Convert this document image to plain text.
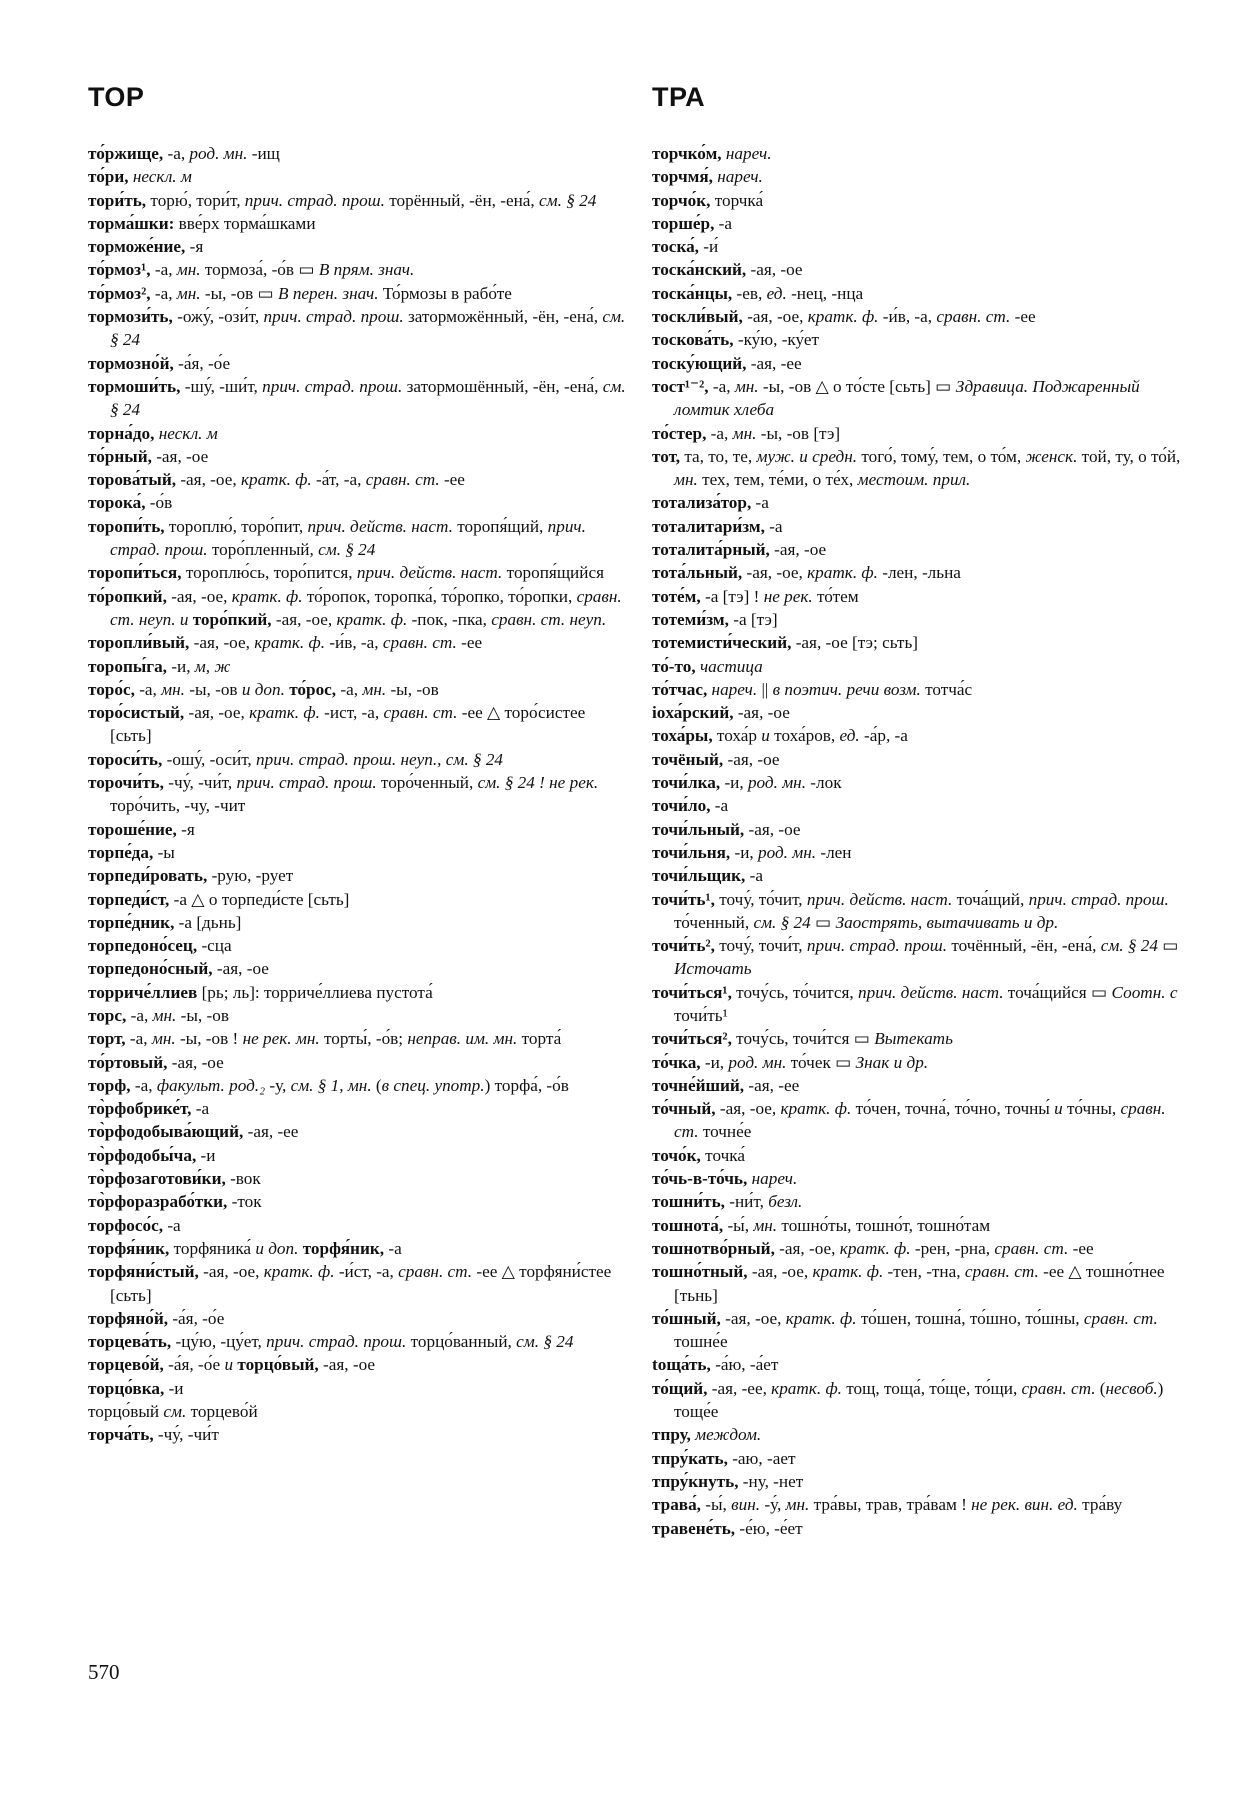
ТОР	ТРА
то́ржище, -а, род. мн. -ищ
то́ри, нескл. м
тори́ть, торю́, тори́т, прич. страд. прош. торённый, -ён, -ена́, см. § 24
торма́шки: вве́рх торма́шками
торможе́ние, -я
то́рмоз¹, -а, мн. тормоза́, -о́в ▭ В прям. знач.
то́рмоз², -а, мн. -ы, -ов ▭ В перен. знач. То́рмозы в рабо́те
тормози́ть, -ожу́, -ози́т, прич. страд. прош. заторможённый, -ён, -ена́, см. § 24
тормозно́й, -а́я, -о́е
тормоши́ть, -шу́, -ши́т, прич. страд. прош. затормошённый, -ён, -ена́, см. § 24
торна́до, нескл. м
то́рный, -ая, -ое
торова́тый, -ая, -ое, кратк. ф. -а́т, -а, сравн. ст. -ее
торока́, -о́в
торопи́ть, тороплю́, торо́пит, прич. действ. наст. торопя́щий, прич. страд. прош. торо́пленный, см. § 24
торопи́ться, тороплю́сь, торо́пится, прич. действ. наст. торопя́щийся
то́ропкий, -ая, -ое, кратк. ф. то́ропок, торопка́, то́ропко, то́ропки, сравн. ст. неуп. и торо́пкий, -ая, -ое, кратк. ф. -пок, -пка, сравн. ст. неуп.
торопли́вый, -ая, -ое, кратк. ф. -и́в, -а, сравн. ст. -ее
торопы́га, -и, м, ж
торо́с, -а, мн. -ы, -ов и доп. то́рос, -а, мн. -ы, -ов
торо́систый, -ая, -ое, кратк. ф. -ист, -а, сравн. ст. -ее △ торо́систее [сьть]
тороси́ть, -ошу́, -оси́т, прич. страд. прош. неуп., см. § 24
торочи́ть, -чу́, -чи́т, прич. страд. прош. торо́ченный, см. § 24 ! не рек. торо́чить, -чу, -чит
тороше́ние, -я
торпе́да, -ы
торпеди́ровать, -рую, -рует
торпеди́ст, -а △ о торпеди́сте [сьть]
торпе́дник, -а [дьнь]
торпедоно́сец, -сца
торпедоно́сный, -ая, -ое
торриче́ллиев [рь; ль]: торриче́ллиева пустота́
торс, -а, мн. -ы, -ов
торт, -а, мн. -ы, -ов ! не рек. мн. торты́, -о́в; неправ. им. мн. торта́
то́ртовый, -ая, -ое
торф, -а, факульт. род.₂ -у, см. § 1, мн. (в спец. употр.) торфа́, -о́в
то̀рфобрике́т, -а
то̀рфодобыва́ющий, -ая, -ее
то̀рфодобы́ча, -и
то̀рфозаготови́ки, -вок
то̀рфоразрабо́тки, -ток
торфосо́с, -а
торфя́ник, торфяника́ и доп. торфя́ник, -а
торфяни́стый, -ая, -ое, кратк. ф. -и́ст, -а, сравн. ст. -ее △ торфяни́стее [сьть]
торфяно́й, -а́я, -о́е
торцева́ть, -цу́ю, -цу́ет, прич. страд. прош. торцо́ванный, см. § 24
торцево́й, -а́я, -о́е и торцо́вый, -ая, -ое
торцо́вка, -и
торцо́вый см. торцево́й
торча́ть, -чу́, -чи́т
торчко́м, нареч.
торчмя́, нареч.
торчо́к, торчка́
торше́р, -а
тоска́, -и́
тоска́нский, -ая, -ое
тоска́нцы, -ев, ед. -нец, -нца
тоскли́вый, -ая, -ое, кратк. ф. -и́в, -а, сравн. ст. -ее
тоскова́ть, -ку́ю, -ку́ет
тоску́ющий, -ая, -ее
тост¹⁻², -а, мн. -ы, -ов △ о то́сте [сьть] ▭ Здравица. Поджаренный ломтик хлеба
то́стер, -а, мн. -ы, -ов [тэ]
тот, та, то, те, муж. и средн. того́, тому́, тем, о то́м, женск. той, ту, о то́й, мн. тех, тем, те́ми, о те́х, местоим. прил.
тотализа́тор, -а
тоталитари́зм, -а
тоталита́рный, -ая, -ое
тота́льный, -ая, -ое, кратк. ф. -лен, -льна
тоте́м, -а [тэ] ! не рек. то́тем
тотеми́зм, -а [тэ]
тотемисти́ческий, -ая, -ое [тэ; сьть]
то́-то, частица
то́тчас, нареч. || в поэтич. речи возм. тотча́с
ioха́рский, -ая, -ое
тоха́ры, тоха́р и тоха́ров, ед. -а́р, -а
точёный, -ая, -ое
точи́лка, -и, род. мн. -лок
точи́ло, -а
точи́льный, -ая, -ое
точи́льня, -и, род. мн. -лен
точи́льщик, -а
точи́ть¹, точу́, то́чит, прич. действ. наст. точа́щий, прич. страд. прош. то́ченный, см. § 24 ▭ Заострять, вытачивать и др.
точи́ть², точу́, точи́т, прич. страд. прош. точённый, -ён, -ена́, см. § 24 ▭ Источать
точи́ться¹, точу́сь, то́чится, прич. действ. наст. точа́щийся ▭ Соотн. с точи́ть¹
точи́ться², точу́сь, точи́тся ▭ Вытекать
то́чка, -и, род. мн. то́чек ▭ Знак и др.
точне́йший, -ая, -ее
то́чный, -ая, -ое, кратк. ф. то́чен, точна́, то́чно, точны́ и то́чны, сравн. ст. точне́е
точо́к, точка́
то́чь-в-то́чь, нареч.
тошни́ть, -ни́т, безл.
тошнота́, -ы́, мн. тошно́ты, тошно́т, тошно́там
тошнотво́рный, -ая, -ое, кратк. ф. -рен, -рна, сравн. ст. -ее
тошно́тный, -ая, -ое, кратк. ф. -тен, -тна, сравн. ст. -ее △ тошно́тнее [тьнь]
то́шный, -ая, -ое, кратк. ф. то́шен, тошна́, то́шно, то́шны, сравн. ст. тошне́е
toща́ть, -а́ю, -а́ет
то́щий, -ая, -ее, кратк. ф. тощ, тоща́, то́ще, то́щи, сравн. ст. (несвоб.) тоще́е
тпру, междом.
тпру́кать, -аю, -ает
тпру́кнуть, -ну, -нет
трава́, -ы́, вин. -у́, мн. тра́вы, трав, тра́вам ! не рек. вин. ед. тра́ву
травене́ть, -е́ю, -е́ет
570
